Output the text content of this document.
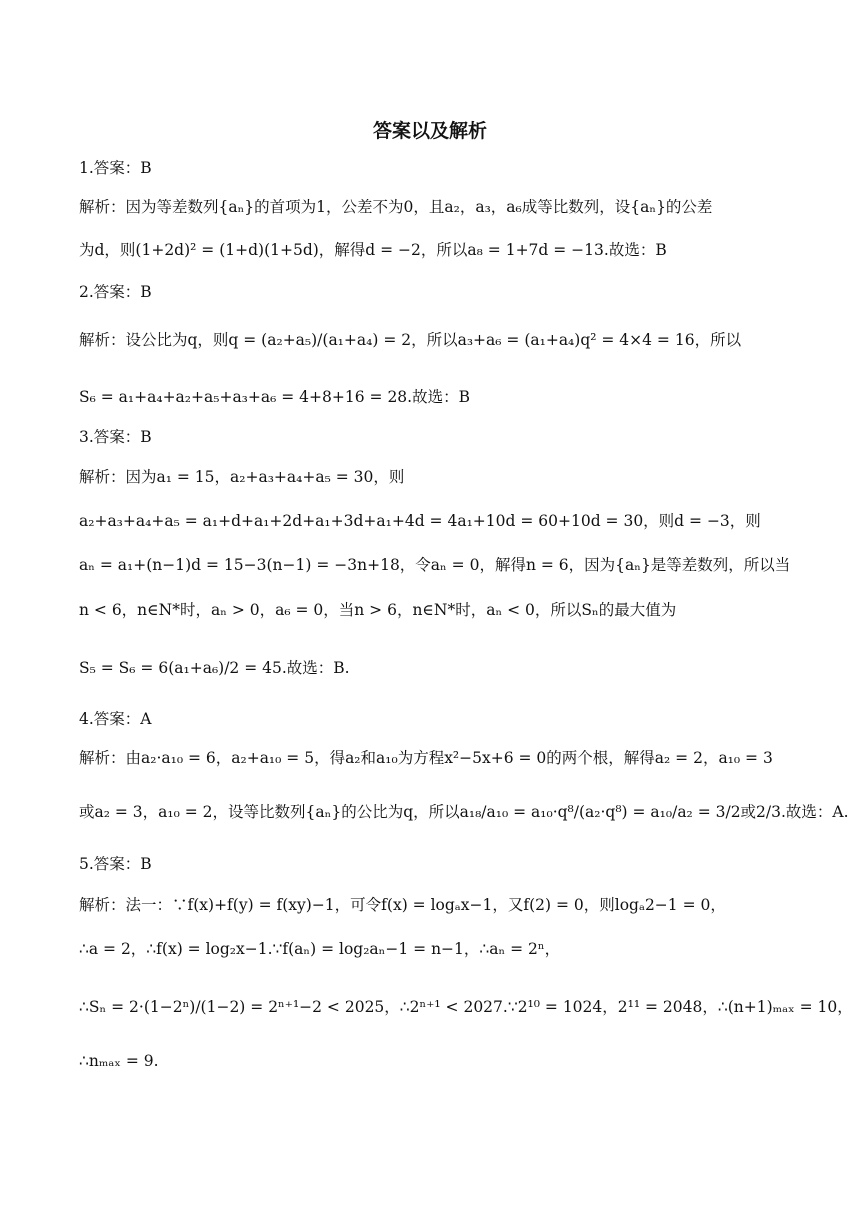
答案以及解析
1.答案：B
解析：因为等差数列{aₙ}的首项为1，公差不为0，且a₂，a₃，a₆成等比数列，设{aₙ}的公差
为d，则(1+2d)² = (1+d)(1+5d)，解得d = −2，所以a₈ = 1+7d = −13.故选：B
2.答案：B
解析：设公比为q，则q = (a₂+a₅)/(a₁+a₄) = 2，所以a₃+a₆ = (a₁+a₄)q² = 4×4 = 16，所以
S₆ = a₁+a₄+a₂+a₅+a₃+a₆ = 4+8+16 = 28.故选：B
3.答案：B
解析：因为a₁ = 15，a₂+a₃+a₄+a₅ = 30，则
a₂+a₃+a₄+a₅ = a₁+d+a₁+2d+a₁+3d+a₁+4d = 4a₁+10d = 60+10d = 30，则d = −3，则
aₙ = a₁+(n−1)d = 15−3(n−1) = −3n+18，令aₙ = 0，解得n = 6，因为{aₙ}是等差数列，所以当
n < 6，n∈N*时，aₙ > 0，a₆ = 0，当n > 6，n∈N*时，aₙ < 0，所以Sₙ的最大值为
S₅ = S₆ = 6(a₁+a₆)/2 = 45.故选：B.
4.答案：A
解析：由a₂·a₁₀ = 6，a₂+a₁₀ = 5，得a₂和a₁₀为方程x²−5x+6 = 0的两个根，解得a₂ = 2，a₁₀ = 3
或a₂ = 3，a₁₀ = 2，设等比数列{aₙ}的公比为q，所以a₁₈/a₁₀ = a₁₀·q⁸/(a₂·q⁸) = a₁₀/a₂ = 3/2或2/3.故选：A.
5.答案：B
解析：法一：∵f(x)+f(y) = f(xy)−1，可令f(x) = logₐx−1，又f(2) = 0，则logₐ2−1 = 0，
∴a = 2，∴f(x) = log₂x−1.∵f(aₙ) = log₂aₙ−1 = n−1，∴aₙ = 2ⁿ，
∴Sₙ = 2·(1−2ⁿ)/(1−2) = 2ⁿ⁺¹−2 < 2025，∴2ⁿ⁺¹ < 2027.∵2¹⁰ = 1024，2¹¹ = 2048，∴(n+1)ₘₐₓ = 10，
∴nₘₐₓ = 9.
